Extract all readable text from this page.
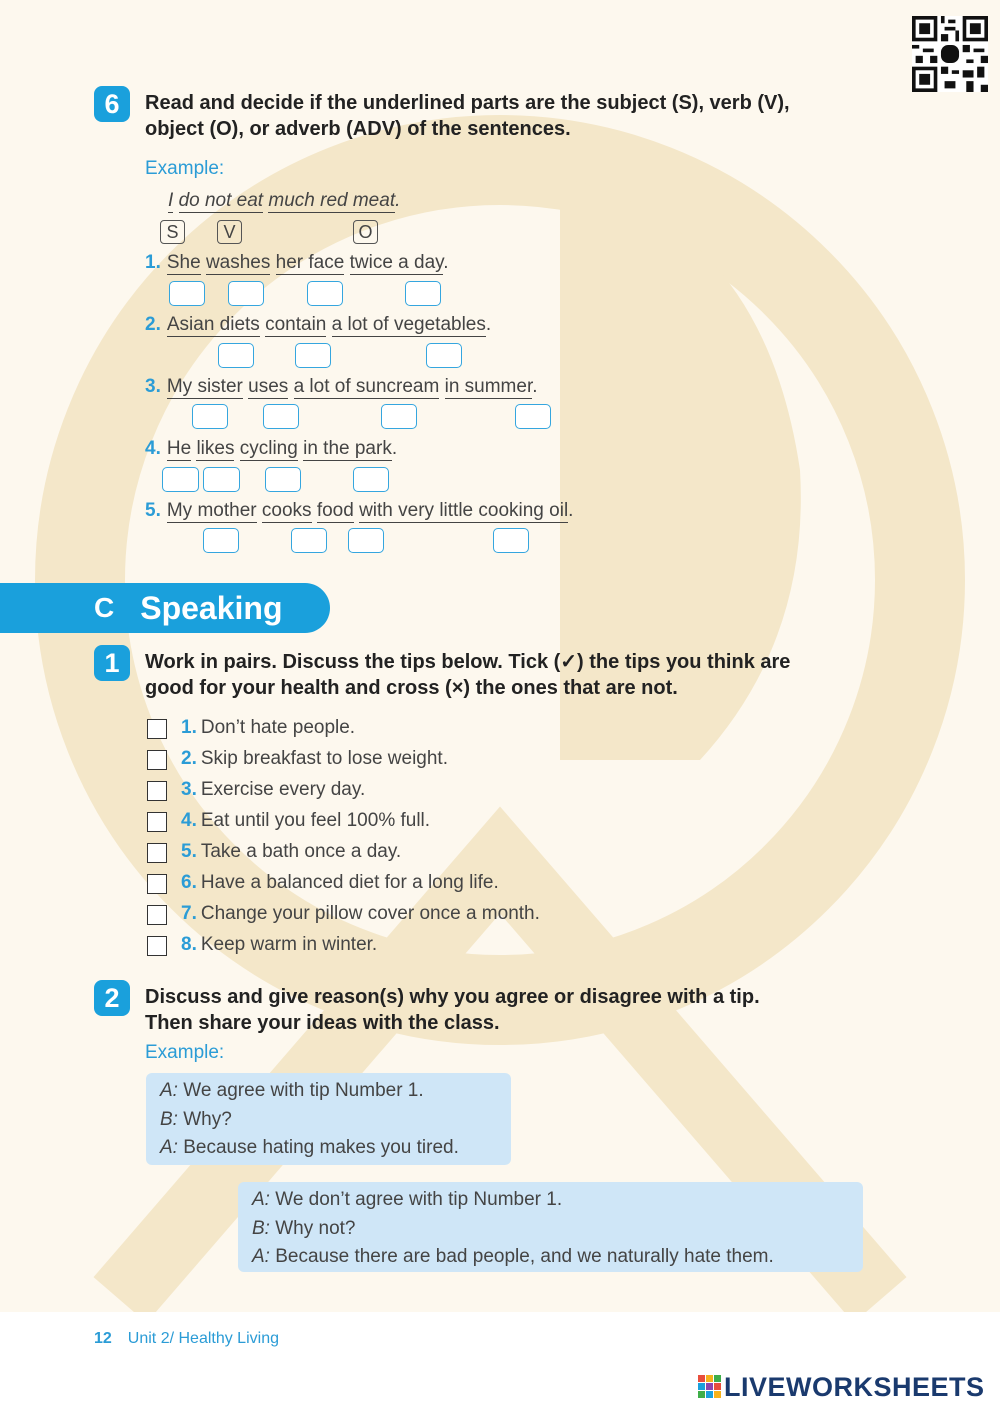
6	Read and decide if the underlined parts are the subject (S), verb (V),
object (O), or adverb (ADV) of the sentences.
Example:
I do not eat much red meat.
S	V	O
1. She washes her face twice a day.
2. Asian diets contain a lot of vegetables.
3. My sister uses a lot of suncream in summer.
4. He likes cycling in the park.
5. My mother cooks food with very little cooking oil.
C Speaking
1	Work in pairs. Discuss the tips below. Tick (✓) the tips you think are
good for your health and cross (×) the ones that are not.
1. Don’t hate people.
2. Skip breakfast to lose weight.
3. Exercise every day.
4. Eat until you feel 100% full.
5. Take a bath once a day.
6. Have a balanced diet for a long life.
7. Change your pillow cover once a month.
8. Keep warm in winter.
2	Discuss and give reason(s) why you agree or disagree with a tip.
Then share your ideas with the class.
Example:
A: We agree with tip Number 1.
B: Why?
A: Because hating makes you tired.
A: We don’t agree with tip Number 1.
B: Why not?
A: Because there are bad people, and we naturally hate them.
12 Unit 2/ Healthy Living
LIVEWORKSHEETS
